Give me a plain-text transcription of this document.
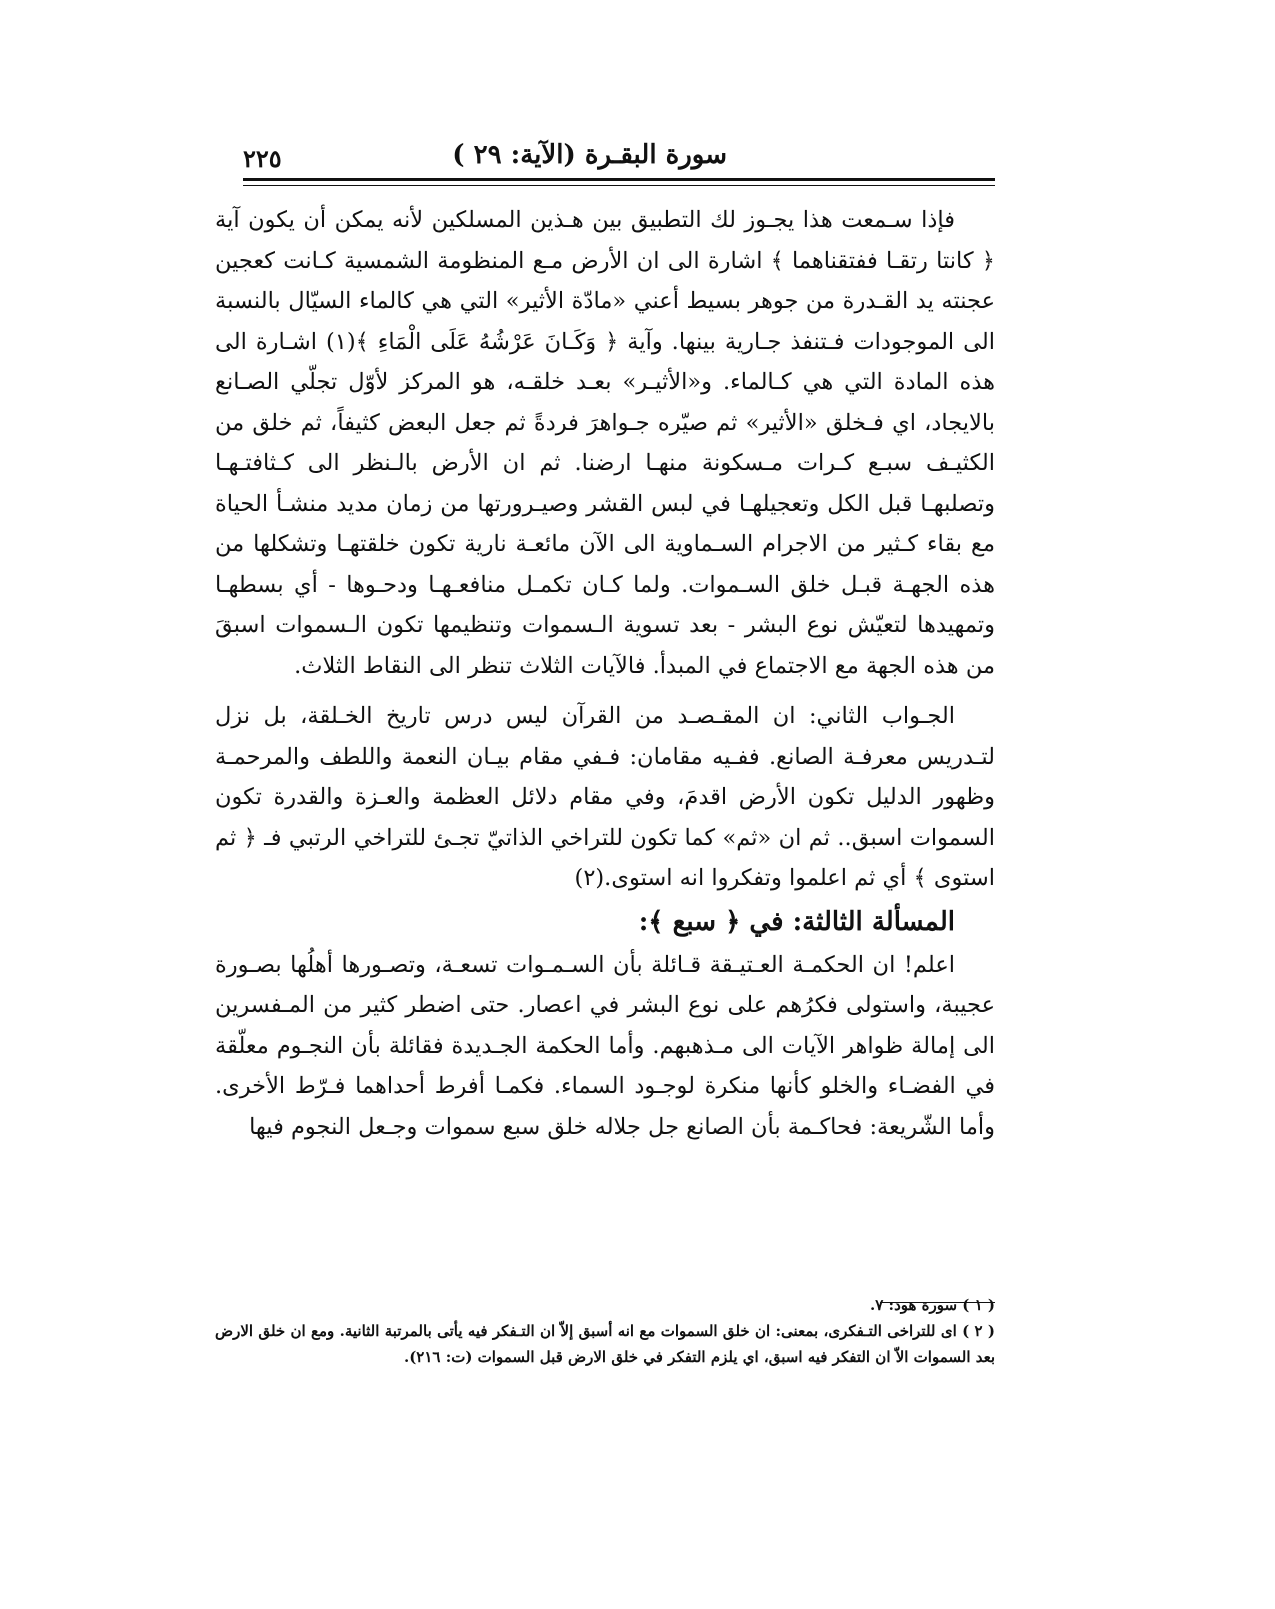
٢٢٥	سورة البقـرة (الآية: ٢٩ )

فإذا سـمعت هذا يجـوز لك التطبيق بين هـذين المسلكين لأنه يمكن أن يكون آية ﴿ كانتا رتقـا ففتقناهما ﴾ اشارة الى ان الأرض مـع المنظومة الشمسية كـانت كعجين عجنته يد القـدرة من جوهر بسيط أعني «مادّة الأثير» التي هي كالماء السيّال بالنسبة الى الموجودات فـتنفذ جـارية بينها. وآية ﴿ وَكَـانَ عَرْشُهُ عَلَى الْمَاءِ ﴾(١) اشـارة الى هذه المادة التي هي كـالماء. و«الأثيـر» بعـد خلقـه، هو المركز لأوّل تجلّي الصـانع بالايجاد، اي فـخلق «الأثير» ثم صيّره جـواهرَ فردةً ثم جعل البعض كثيفاً، ثم خلق من الكثيـف سبـع كـرات مـسكونة منهـا ارضنا. ثم ان الأرض بالـنظر الى كـثافتـهـا وتصلبهـا قبل الكل وتعجيلهـا في لبس القشر وصيـرورتها من زمان مديد منشـأ الحياة مع بقاء كـثير من الاجرام السـماوية الى الآن مائعـة نارية تكون خلقتهـا وتشكلها من هذه الجهـة قبـل خلق السـموات. ولما كـان تكمـل منافعـهـا ودحـوها - أي بسطهـا وتمهيدها لتعيّش نوع البشر - بعد تسوية الـسموات وتنظيمها تكون الـسموات اسبقَ من هذه الجهة مع الاجتماع في المبدأ. فالآيات الثلاث تنظر الى النقاط الثلاث.

الجـواب الثاني: ان المقـصـد من القرآن ليس درس تاريخ الخـلقة، بل نزل لتـدريس معرفـة الصانع. ففـيه مقامان: فـفي مقام بيـان النعمة واللطف والمرحمـة وظهور الدليل تكون الأرض اقدمَ، وفي مقام دلائل العظمة والعـزة والقدرة تكون السموات اسبق.. ثم ان «ثم» كما تكون للتراخي الذاتيّ تجـئ للتراخي الرتبي فـ ﴿ ثم استوى ﴾ أي ثم اعلموا وتفكروا انه استوى.(٢)

المسألة الثالثة: في ﴿ سبع ﴾:

اعلم! ان الحكمـة العـتيـقة قـائلة بأن السـمـوات تسعـة، وتصـورها أهلُها بصـورة عجيبة، واستولى فكرُهم على نوع البشر في اعصار. حتى اضطر كثير من المـفسرين الى إمالة ظواهر الآيات الى مـذهبهم. وأما الحكمة الجـديدة فقائلة بأن النجـوم معلّقة في الفضـاء والخلو كأنها منكرة لوجـود السماء. فكمـا أفرط أحداهما فـرّط الأخرى. وأما الشّريعة: فحاكـمة بأن الصانع جل جلاله خلق سبع سموات وجـعل النجوم فيها

( ١ ) سورة هود: ٧.

( ٢ ) اى للتراخى التـفكرى، بمعنى: ان خلق السموات مع انه أسبق إلاّ ان التـفكر فيه يأتى بالمرتبة الثانية. ومع ان خلق الارض بعد السموات الاّ ان التفكر فيه اسبق، اي يلزم التفكر في خلق الارض قبل السموات (ت: ٢١٦).
